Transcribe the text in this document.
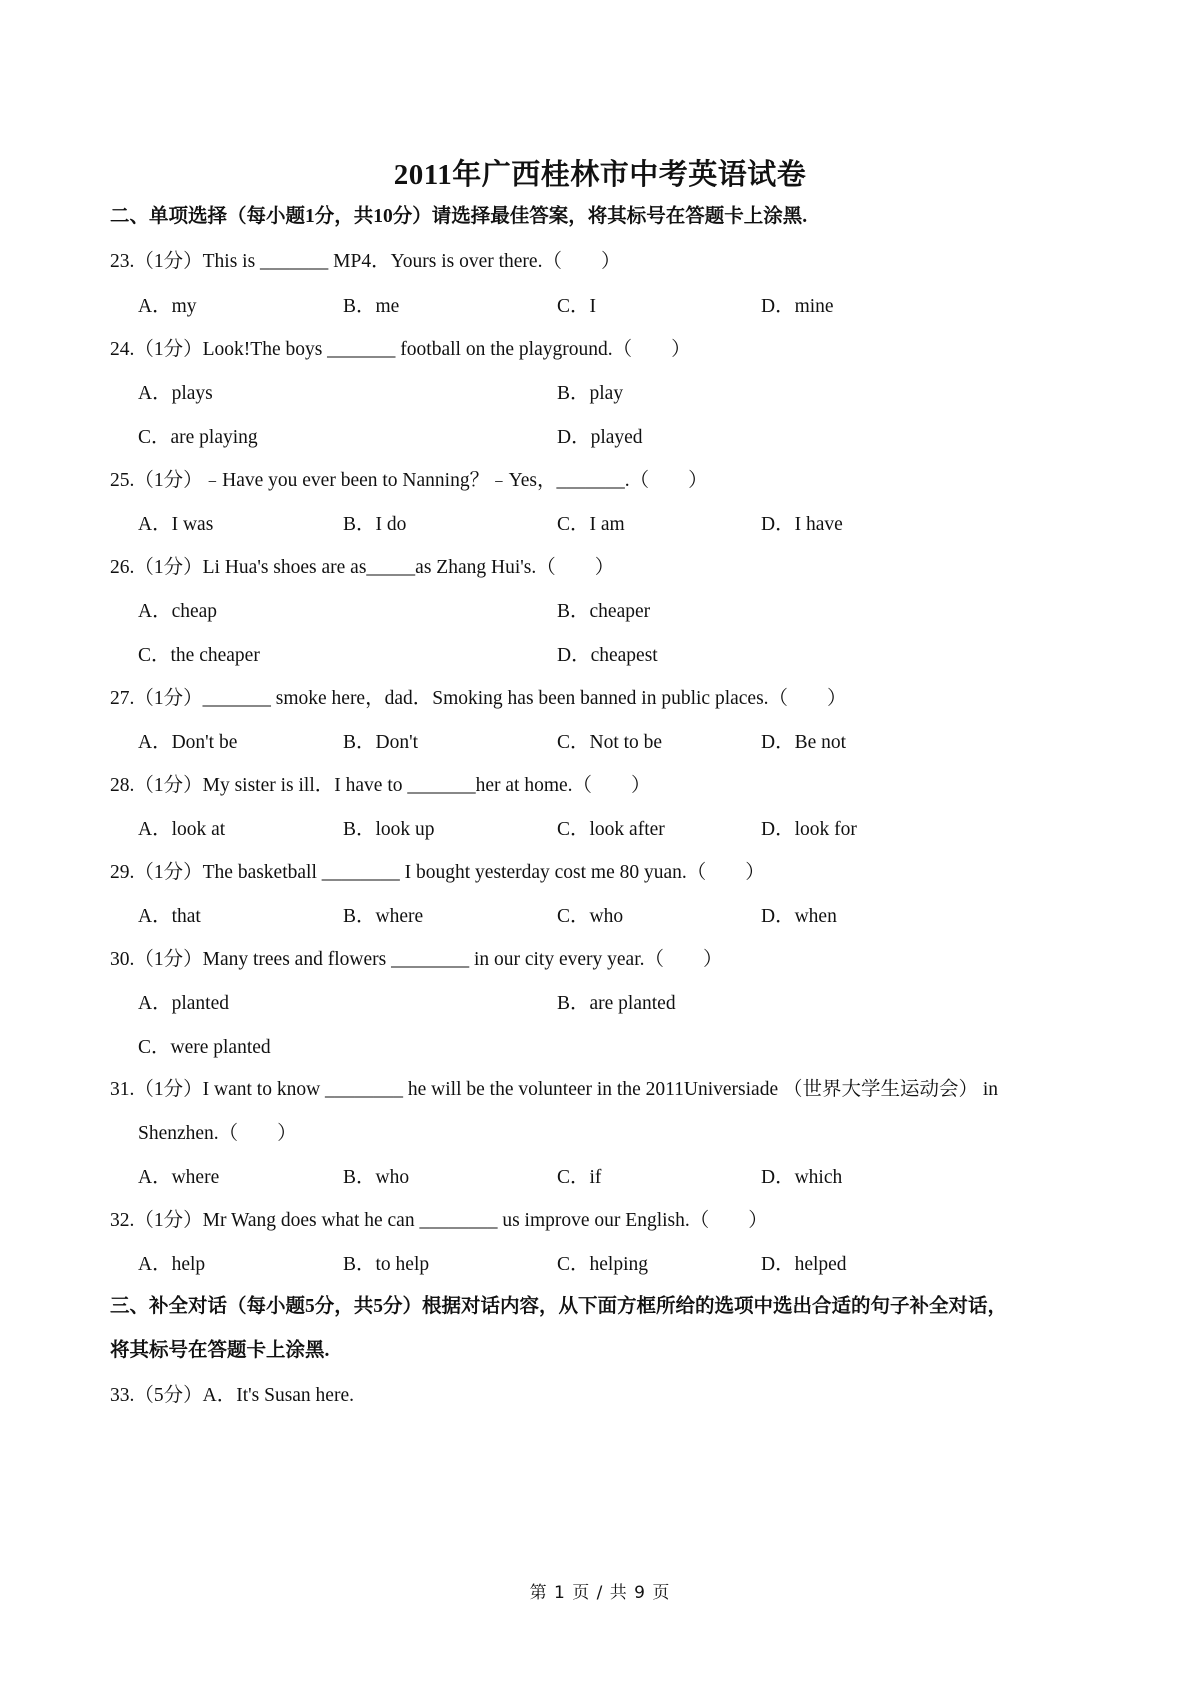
2011年广西桂林市中考英语试卷
二、单项选择（每小题1分，共10分）请选择最佳答案，将其标号在答题卡上涂黑.
23.（1分）This is _______ MP4．Yours is over there.（　　）
A．my	B．me	C．I	D．mine
24.（1分）Look!The boys _______ football on the playground.（　　）
A．plays	B．play
C．are playing	D．played
25.（1分）﹣Have you ever been to Nanning？﹣Yes，_______.（　　）
A．I was	B．I do	C．I am	D．I have
26.（1分）Li Hua's shoes are as_____as Zhang Hui's.（　　）
A．cheap	B．cheaper
C．the cheaper	D．cheapest
27.（1分）_______ smoke here，dad．Smoking has been banned in public places.（　　）
A．Don't be	B．Don't	C．Not to be	D．Be not
28.（1分）My sister is ill．I have to _______her at home.（　　）
A．look at	B．look up	C．look after	D．look for
29.（1分）The basketball ________ I bought yesterday cost me 80 yuan.（　　）
A．that	B．where	C．who	D．when
30.（1分）Many trees and flowers ________ in our city every year.（　　）
A．planted	B．are planted
C．were planted
31.（1分）I want to know ________ he will be the volunteer in the 2011Universiade （世界大学生运动会） in
Shenzhen.（　　）
A．where	B．who	C．if	D．which
32.（1分）Mr Wang does what he can ________ us improve our English.（　　）
A．help	B．to help	C．helping	D．helped
三、补全对话（每小题5分，共5分）根据对话内容，从下面方框所给的选项中选出合适的句子补全对话，
将其标号在答题卡上涂黑.
33.（5分）A．It's Susan here.
第 1 页 / 共 9 页
